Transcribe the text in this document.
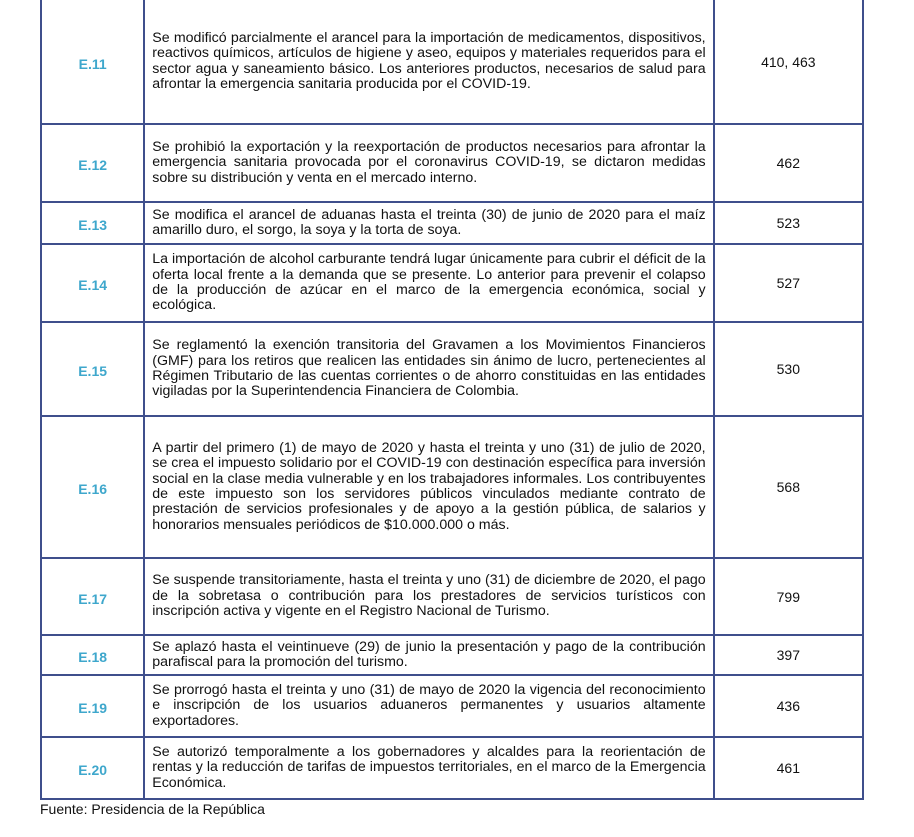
E.11	Se modificó parcialmente el arancel para la importación de medicamentos, dispositivos, reactivos químicos, artículos de higiene y aseo, equipos y materiales requeridos para el sector agua y saneamiento básico. Los anteriores productos, necesarios de salud para afrontar la emergencia sanitaria producida por el COVID-19.	410, 463
E.12	Se prohibió la exportación y la reexportación de productos necesarios para afrontar la emergencia sanitaria provocada por el coronavirus COVID-19, se dictaron medidas sobre su distribución y venta en el mercado interno.	462
E.13	Se modifica el arancel de aduanas hasta el treinta (30) de junio de 2020 para el maíz amarillo duro, el sorgo, la soya y la torta de soya.	523
E.14	La importación de alcohol carburante tendrá lugar únicamente para cubrir el déficit de la oferta local frente a la demanda que se presente. Lo anterior para prevenir el colapso de la producción de azúcar en el marco de la emergencia económica, social y ecológica.	527
E.15	Se reglamentó la exención transitoria del Gravamen a los Movimientos Financieros (GMF) para los retiros que realicen las entidades sin ánimo de lucro, pertenecientes al Régimen Tributario de las cuentas corrientes o de ahorro constituidas en las entidades vigiladas por la Superintendencia Financiera de Colombia.	530
E.16	A partir del primero (1) de mayo de 2020 y hasta el treinta y uno (31) de julio de 2020, se crea el impuesto solidario por el COVID-19 con destinación específica para inversión social en la clase media vulnerable y en los trabajadores informales. Los contribuyentes de este impuesto son los servidores públicos vinculados mediante contrato de prestación de servicios profesionales y de apoyo a la gestión pública, de salarios y honorarios mensuales periódicos de $10.000.000 o más.	568
E.17	Se suspende transitoriamente, hasta el treinta y uno (31) de diciembre de 2020, el pago de la sobretasa o contribución para los prestadores de servicios turísticos con inscripción activa y vigente en el Registro Nacional de Turismo.	799
E.18	Se aplazó hasta el veintinueve (29) de junio la presentación y pago de la contribución parafiscal para la promoción del turismo.	397
E.19	Se prorrogó hasta el treinta y uno (31) de mayo de 2020 la vigencia del reconocimiento e inscripción de los usuarios aduaneros permanentes y usuarios altamente exportadores.	436
E.20	Se autorizó temporalmente a los gobernadores y alcaldes para la reorientación de rentas y la reducción de tarifas de impuestos territoriales, en el marco de la Emergencia Económica.	461
Fuente: Presidencia de la República
